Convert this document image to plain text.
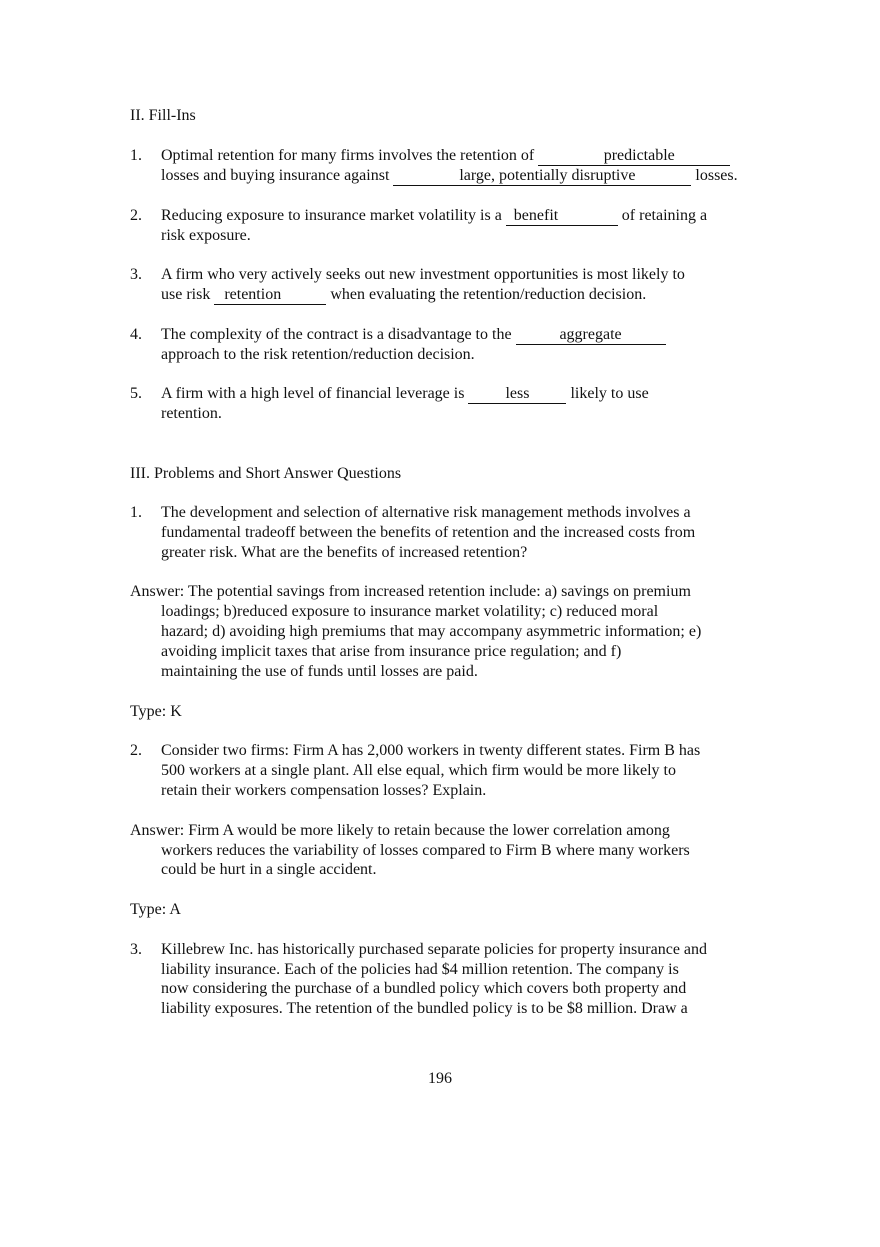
II. Fill-Ins
1. Optimal retention for many firms involves the retention of	predictable
losses and buying insurance against	large, potentially disruptive	losses.
2. Reducing exposure to insurance market volatility is a benefit	of retaining a
risk exposure.
3. A firm who very actively seeks out new investment opportunities is most likely to
use risk retention	when evaluating the retention/reduction decision.
4. The complexity of the contract is a disadvantage to the	aggregate
approach to the risk retention/reduction decision.
5. A firm with a high level of financial leverage is less likely to use
retention.
III. Problems and Short Answer Questions
1. The development and selection of alternative risk management methods involves a
fundamental tradeoff between the benefits of retention and the increased costs from
greater risk. What are the benefits of increased retention?
Answer: The potential savings from increased retention include: a) savings on premium
loadings; b)reduced exposure to insurance market volatility; c) reduced moral
hazard; d) avoiding high premiums that may accompany asymmetric information; e)
avoiding implicit taxes that arise from insurance price regulation; and f)
maintaining the use of funds until losses are paid.
Type: K
2. Consider two firms: Firm A has 2,000 workers in twenty different states. Firm B has
500 workers at a single plant. All else equal, which firm would be more likely to
retain their workers compensation losses? Explain.
Answer: Firm A would be more likely to retain because the lower correlation among
workers reduces the variability of losses compared to Firm B where many workers
could be hurt in a single accident.
Type: A
3. Killebrew Inc. has historically purchased separate policies for property insurance and
liability insurance. Each of the policies had $4 million retention. The company is
now considering the purchase of a bundled policy which covers both property and
liability exposures. The retention of the bundled policy is to be $8 million. Draw a
196
